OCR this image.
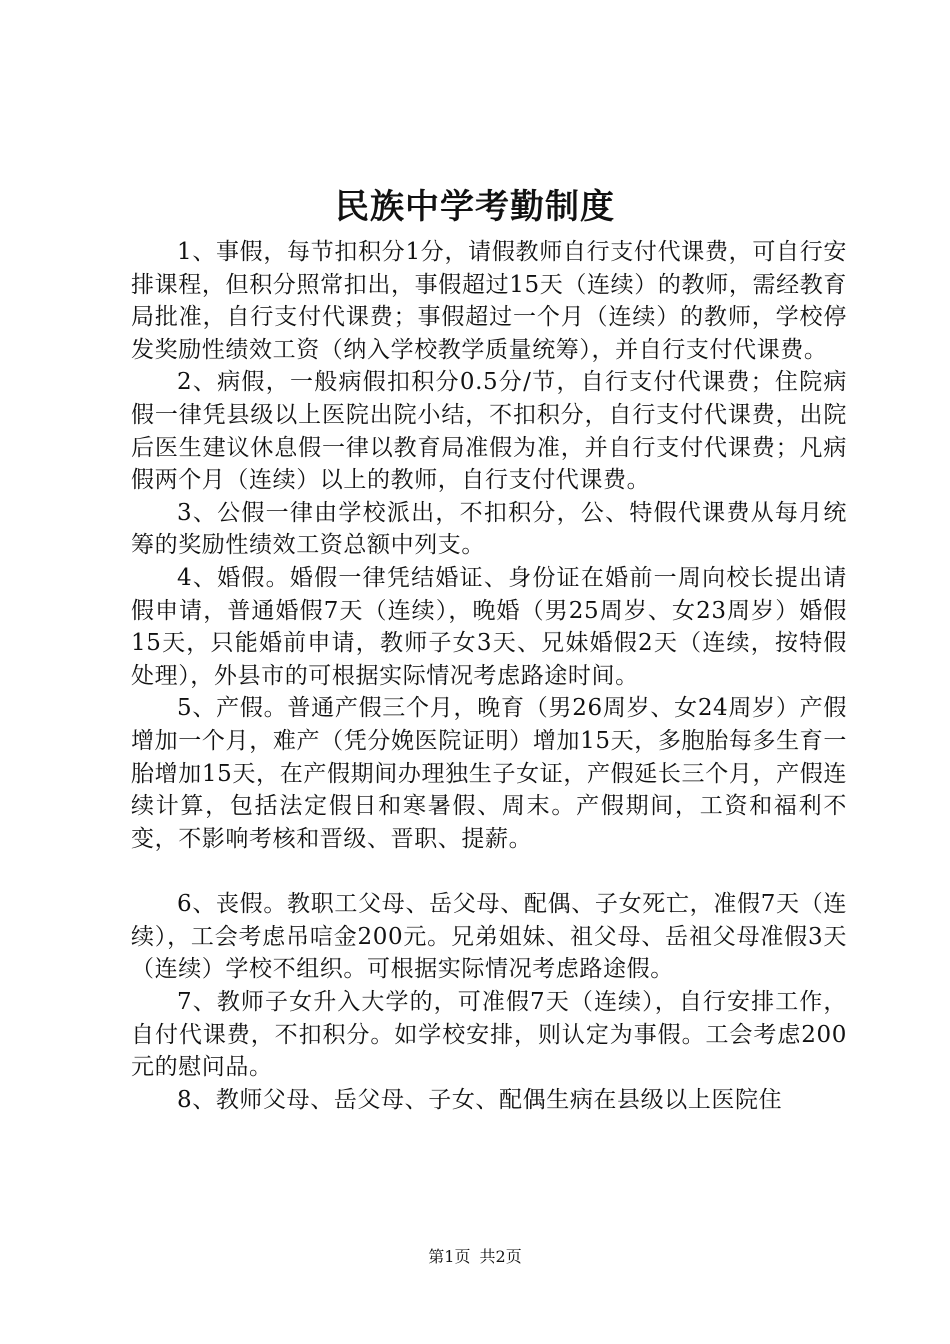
民族中学考勤制度

1、事假，每节扣积分1分，请假教师自行支付代课费，可自行安排课程，但积分照常扣出，事假超过15天（连续）的教师，需经教育局批准，自行支付代课费；事假超过一个月（连续）的教师，学校停发奖励性绩效工资（纳入学校教学质量统筹），并自行支付代课费。

2、病假，一般病假扣积分0.5分/节，自行支付代课费；住院病假一律凭县级以上医院出院小结，不扣积分，自行支付代课费，出院后医生建议休息假一律以教育局准假为准，并自行支付代课费；凡病假两个月（连续）以上的教师，自行支付代课费。

3、公假一律由学校派出，不扣积分，公、特假代课费从每月统筹的奖励性绩效工资总额中列支。

4、婚假。婚假一律凭结婚证、身份证在婚前一周向校长提出请假申请，普通婚假7天（连续），晚婚（男25周岁、女23周岁）婚假15天，只能婚前申请，教师子女3天、兄妹婚假2天（连续，按特假处理），外县市的可根据实际情况考虑路途时间。

5、产假。普通产假三个月，晚育（男26周岁、女24周岁）产假增加一个月，难产（凭分娩医院证明）增加15天，多胞胎每多生育一胎增加15天，在产假期间办理独生子女证，产假延长三个月，产假连续计算，包括法定假日和寒暑假、周末。产假期间，工资和福利不变，不影响考核和晋级、晋职、提薪。

6、丧假。教职工父母、岳父母、配偶、子女死亡，准假7天（连续），工会考虑吊唁金200元。兄弟姐妹、祖父母、岳祖父母准假3天（连续）学校不组织。可根据实际情况考虑路途假。

7、教师子女升入大学的，可准假7天（连续），自行安排工作，自付代课费，不扣积分。如学校安排，则认定为事假。工会考虑200元的慰问品。

8、教师父母、岳父母、子女、配偶生病在县级以上医院住

第1页 共2页
